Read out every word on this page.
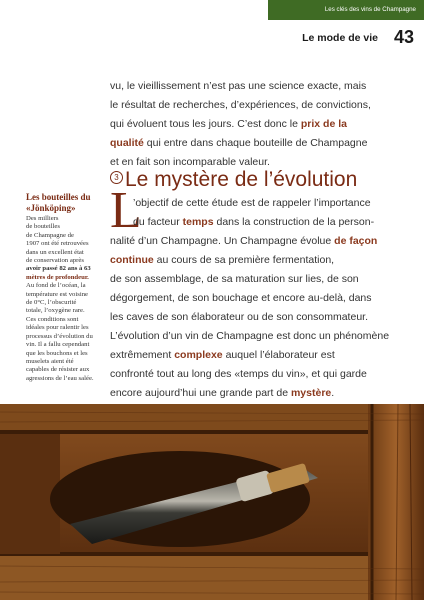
Les clés des vins de Champagne
Le mode de vie 43
vu, le vieillissement n’est pas une science exacte, mais
le résultat de recherches, d’expériences, de convictions,
qui évoluent tous les jours. C’est donc le prix de la
qualité qui entre dans chaque bouteille de Champagne
et en fait son incomparable valeur.
3 Le mystère de l’évolution
L
’objectif de cette étude est de rappeler l’importance
du facteur temps dans la construction de la person-
nalité d’un Champagne. Un Champagne évolue de façon
continue au cours de sa première fermentation,
de son assemblage, de sa maturation sur lies, de son
dégorgement, de son bouchage et encore au-delà, dans
les caves de son élaborateur ou de son consommateur.
L’évolution d’un vin de Champagne est donc un phénomène
extrêmement complexe auquel l’élaborateur est
confronté tout au long des «temps du vin», et qui garde
encore aujourd’hui une grande part de mystère.
Les bouteilles du
«Jönköping»
Des milliers
de bouteilles
de Champagne de
1907 ont été retrouvées
dans un excellent état
de conservation après
avoir passé 82 ans à 63
mètres de profondeur.
Au fond de l’océan, la
température est voisine
de 0°C, l’obscurité
totale, l’oxygène rare.
Ces conditions sont
idéales pour ralentir les
processus d’évolution du
vin. Il a fallu cependant
que les bouchons et les
muselets aient été
capables de résister aux
agressions de l’eau salée.
